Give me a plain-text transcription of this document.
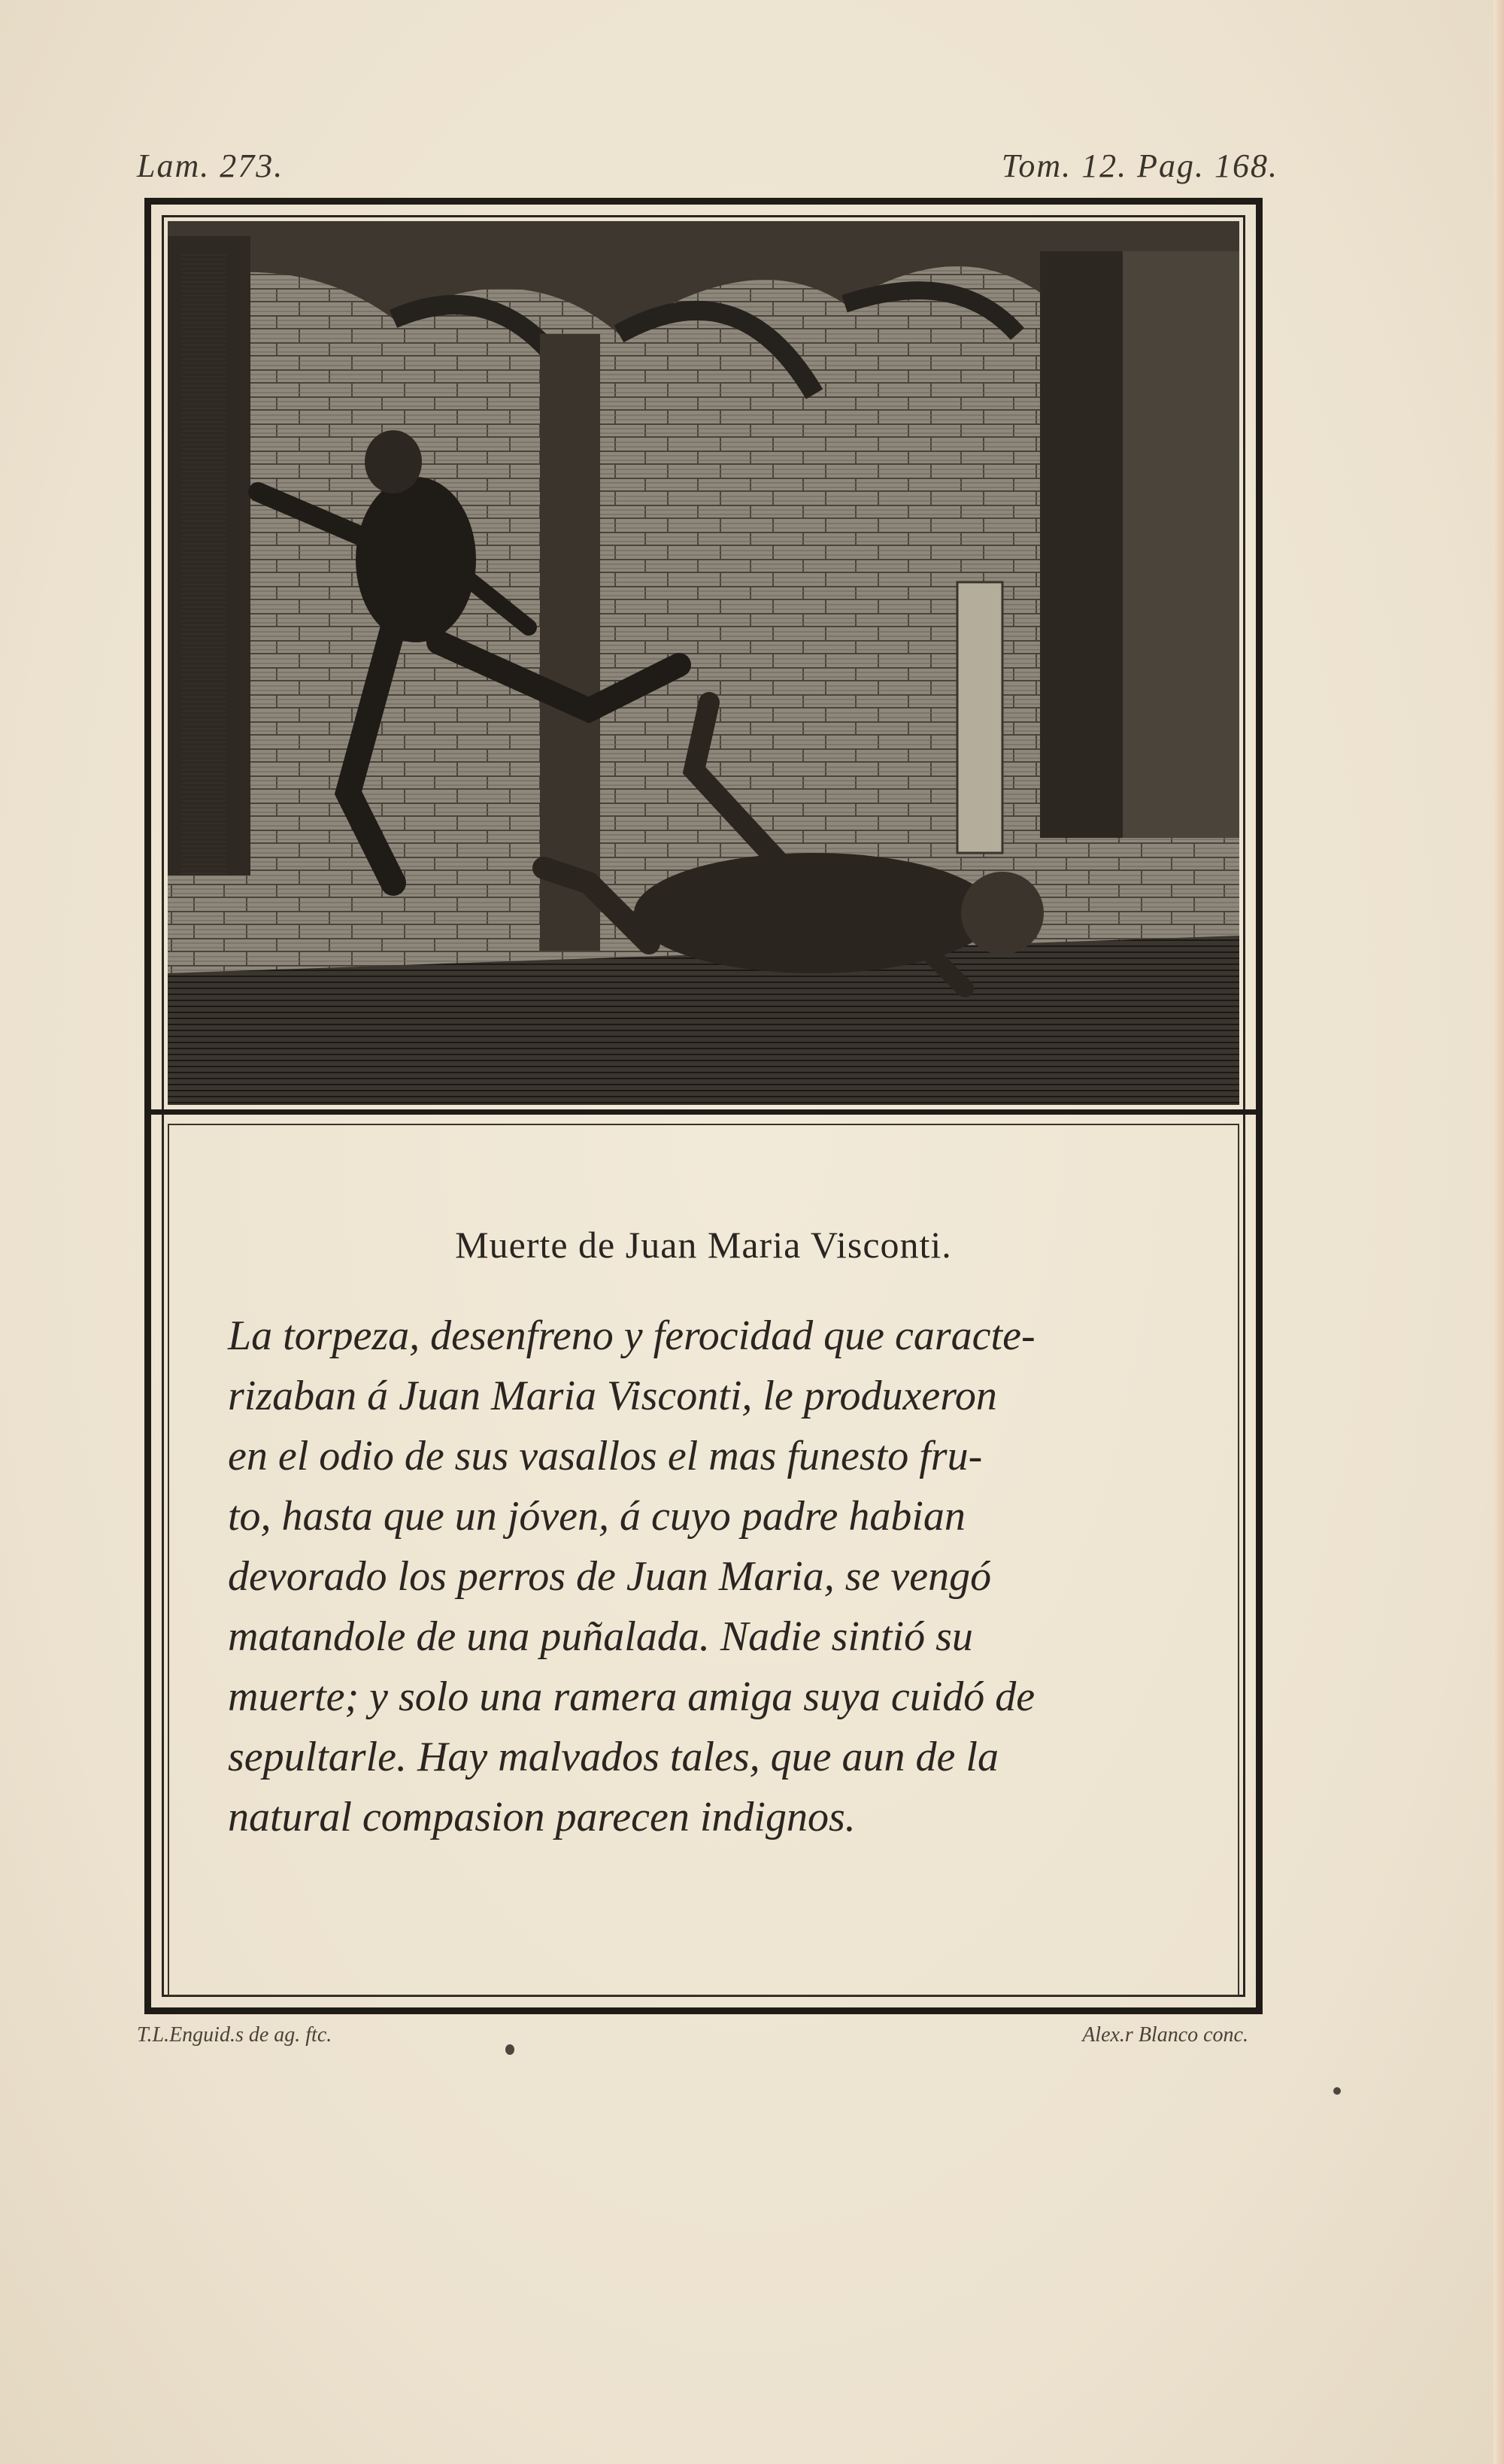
Lam. 273.	Tom. 12. Pag. 168.
Muerte de Juan Maria Visconti.
La torpeza, desenfreno y ferocidad que caracte-
rizaban á Juan Maria Visconti, le produxeron
en el odio de sus vasallos el mas funesto fru-
to, hasta que un jóven, á cuyo padre habian
devorado los perros de Juan Maria, se vengó
matandole de una puñalada. Nadie sintió su
muerte; y solo una ramera amiga suya cuidó de
sepultarle. Hay malvados tales, que aun de la
natural compasion parecen indignos.
T.L.Enguid.s de ag. ftc.	Alex.r Blanco conc.
